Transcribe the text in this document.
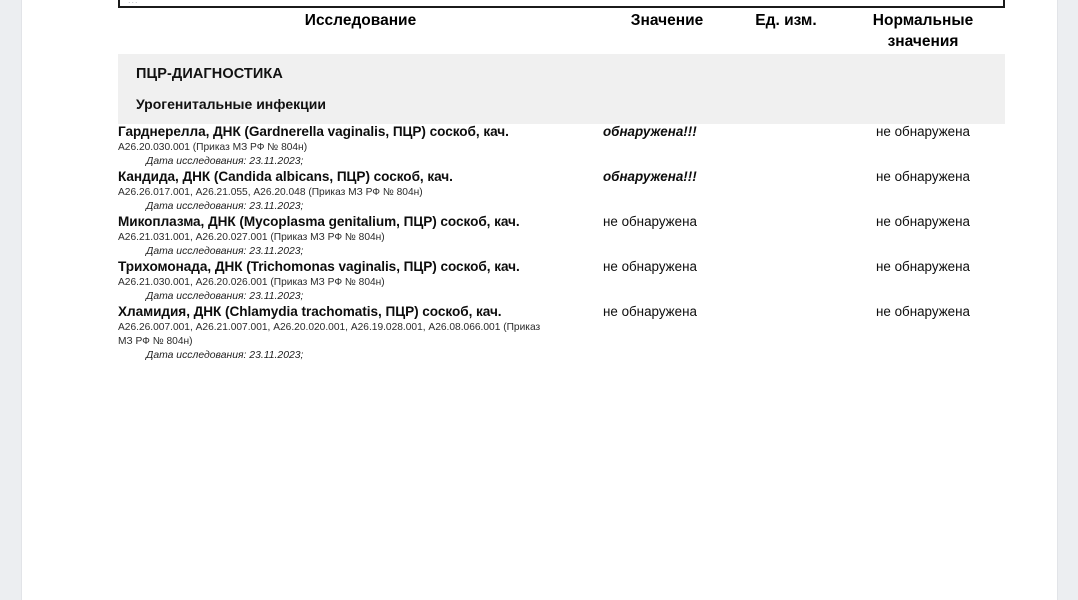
...
Исследование	Значение	Ед. изм.	Нормальные
значения

ПЦР-ДИАГНОСТИКА
Урогенитальные инфекции			

Гарднерелла, ДНК (Gardnerella vaginalis, ПЦР) соскоб, кач.
А26.20.030.001 (Приказ МЗ РФ № 804н)
Дата исследования: 23.11.2023;	обнаружена!!!		не обнаружена

Кандида, ДНК (Candida albicans, ПЦР) соскоб, кач.
А26.26.017.001, А26.21.055, А26.20.048 (Приказ МЗ РФ № 804н)
Дата исследования: 23.11.2023;	обнаружена!!!		не обнаружена

Микоплазма, ДНК (Mycoplasma genitalium, ПЦР) соскоб, кач.
А26.21.031.001, А26.20.027.001 (Приказ МЗ РФ № 804н)
Дата исследования: 23.11.2023;	не обнаружена		не обнаружена

Трихомонада, ДНК (Trichomonas vaginalis, ПЦР) соскоб, кач.
А26.21.030.001, А26.20.026.001 (Приказ МЗ РФ № 804н)
Дата исследования: 23.11.2023;	не обнаружена		не обнаружена

Хламидия, ДНК (Chlamydia trachomatis, ПЦР) соскоб, кач.
А26.26.007.001, А26.21.007.001, А26.20.020.001, А26.19.028.001, А26.08.066.001 (Приказ
МЗ РФ № 804н)
Дата исследования: 23.11.2023;	не обнаружена		не обнаружена
